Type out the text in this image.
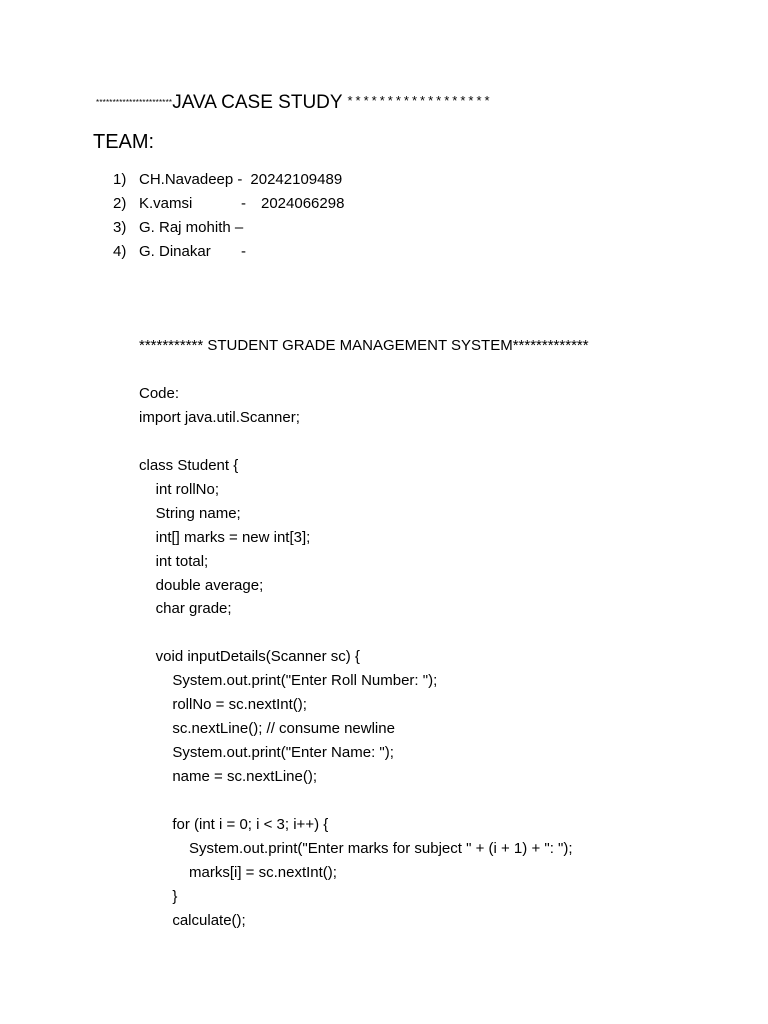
***********************JAVA CASE STUDY ******************
TEAM:
1) CH.Navadeep - 20242109489
2) K.vamsi	-	2024066298
3) G. Raj mohith –
4) G. Dinakar	-
*********** STUDENT GRADE MANAGEMENT SYSTEM*************
Code:
import java.util.Scanner;
class Student {
int rollNo;
String name;
int[] marks = new int[3];
int total;
double average;
char grade;
void inputDetails(Scanner sc) {
System.out.print("Enter Roll Number: ");
rollNo = sc.nextInt();
sc.nextLine(); // consume newline
System.out.print("Enter Name: ");
name = sc.nextLine();
for (int i = 0; i < 3; i++) {
System.out.print("Enter marks for subject " + (i + 1) + ": ");
marks[i] = sc.nextInt();
}
calculate();
